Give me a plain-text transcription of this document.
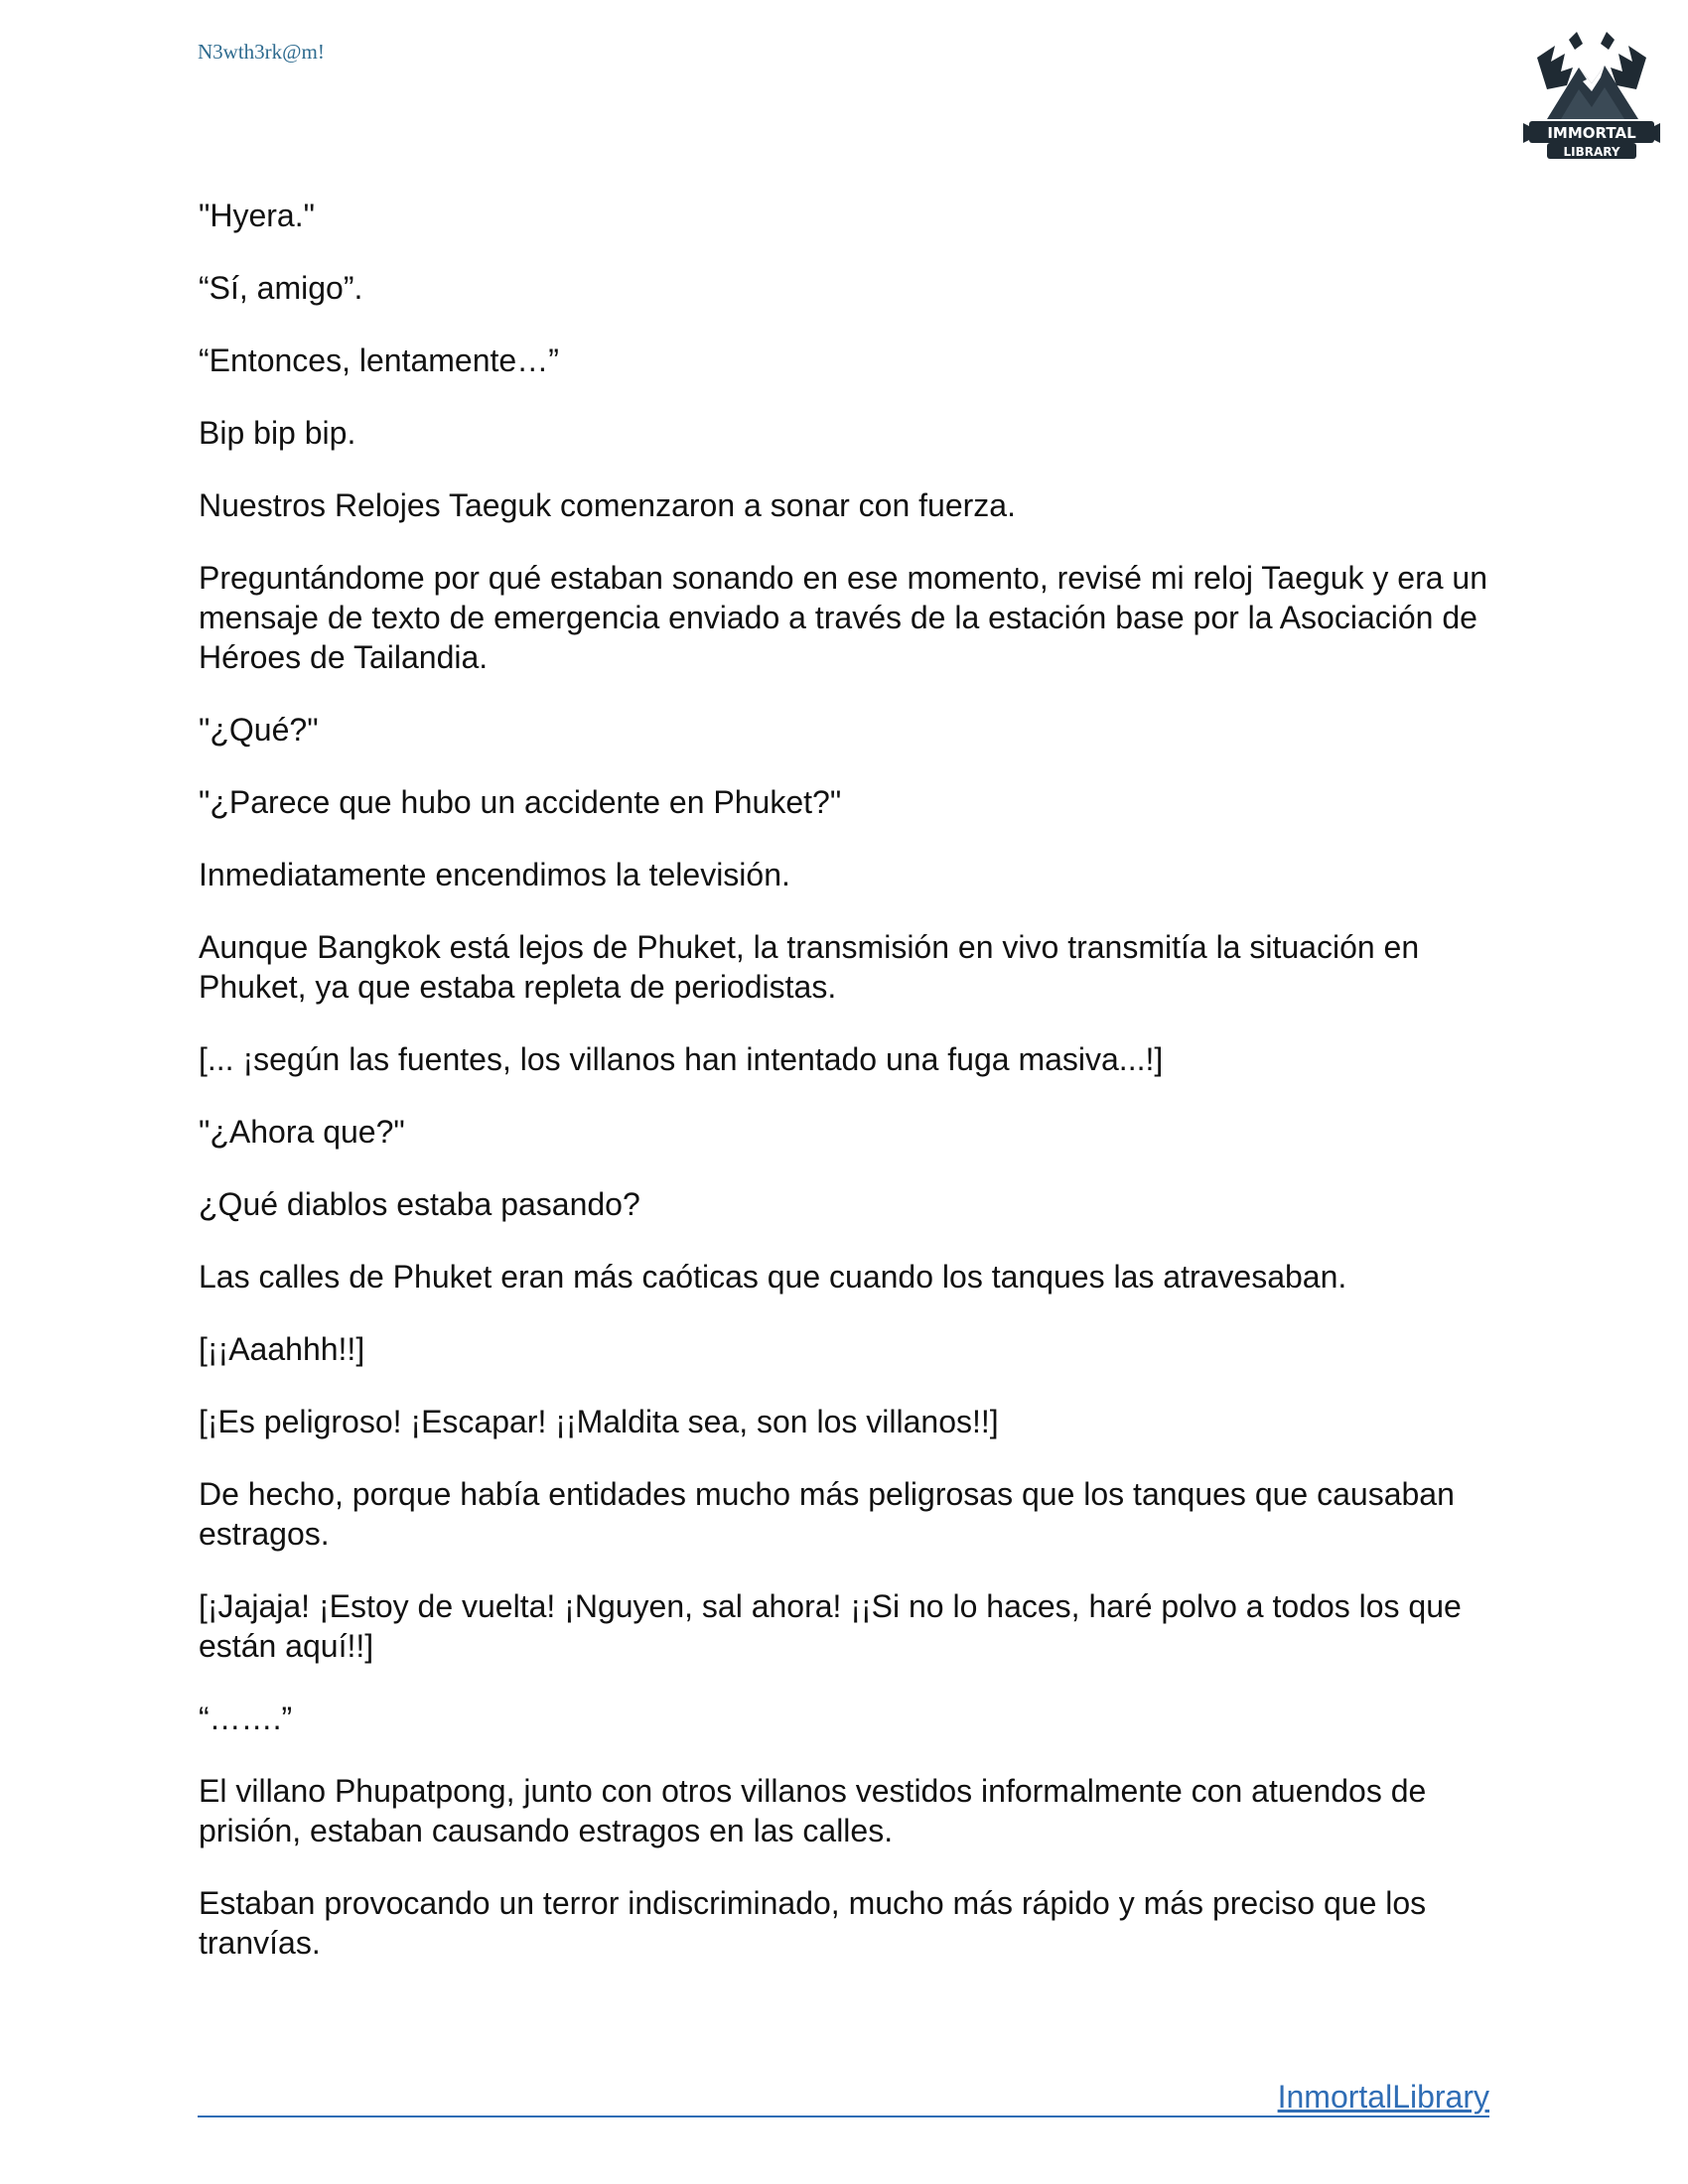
N3wth3rk@m!
IMMORTAL
LIBRARY

"Hyera."

“Sí, amigo”.

“Entonces, lentamente…”

Bip bip bip.

Nuestros Relojes Taeguk comenzaron a sonar con fuerza.

Preguntándome por qué estaban sonando en ese momento, revisé mi reloj Taeguk y era un mensaje de texto de emergencia enviado a través de la estación base por la Asociación de Héroes de Tailandia.

"¿Qué?"

"¿Parece que hubo un accidente en Phuket?"

Inmediatamente encendimos la televisión.

Aunque Bangkok está lejos de Phuket, la transmisión en vivo transmitía la situación en Phuket, ya que estaba repleta de periodistas.

[... ¡según las fuentes, los villanos han intentado una fuga masiva...!]

"¿Ahora que?"

¿Qué diablos estaba pasando?

Las calles de Phuket eran más caóticas que cuando los tanques las atravesaban.

[¡¡Aaahhh!!]

[¡Es peligroso! ¡Escapar! ¡¡Maldita sea, son los villanos!!]

De hecho, porque había entidades mucho más peligrosas que los tanques que causaban estragos.

[¡Jajaja! ¡Estoy de vuelta! ¡Nguyen, sal ahora! ¡¡Si no lo haces, haré polvo a todos los que están aquí!!]

“…….”

El villano Phupatpong, junto con otros villanos vestidos informalmente con atuendos de prisión, estaban causando estragos en las calles.

Estaban provocando un terror indiscriminado, mucho más rápido y más preciso que los tranvías.

InmortalLibrary
